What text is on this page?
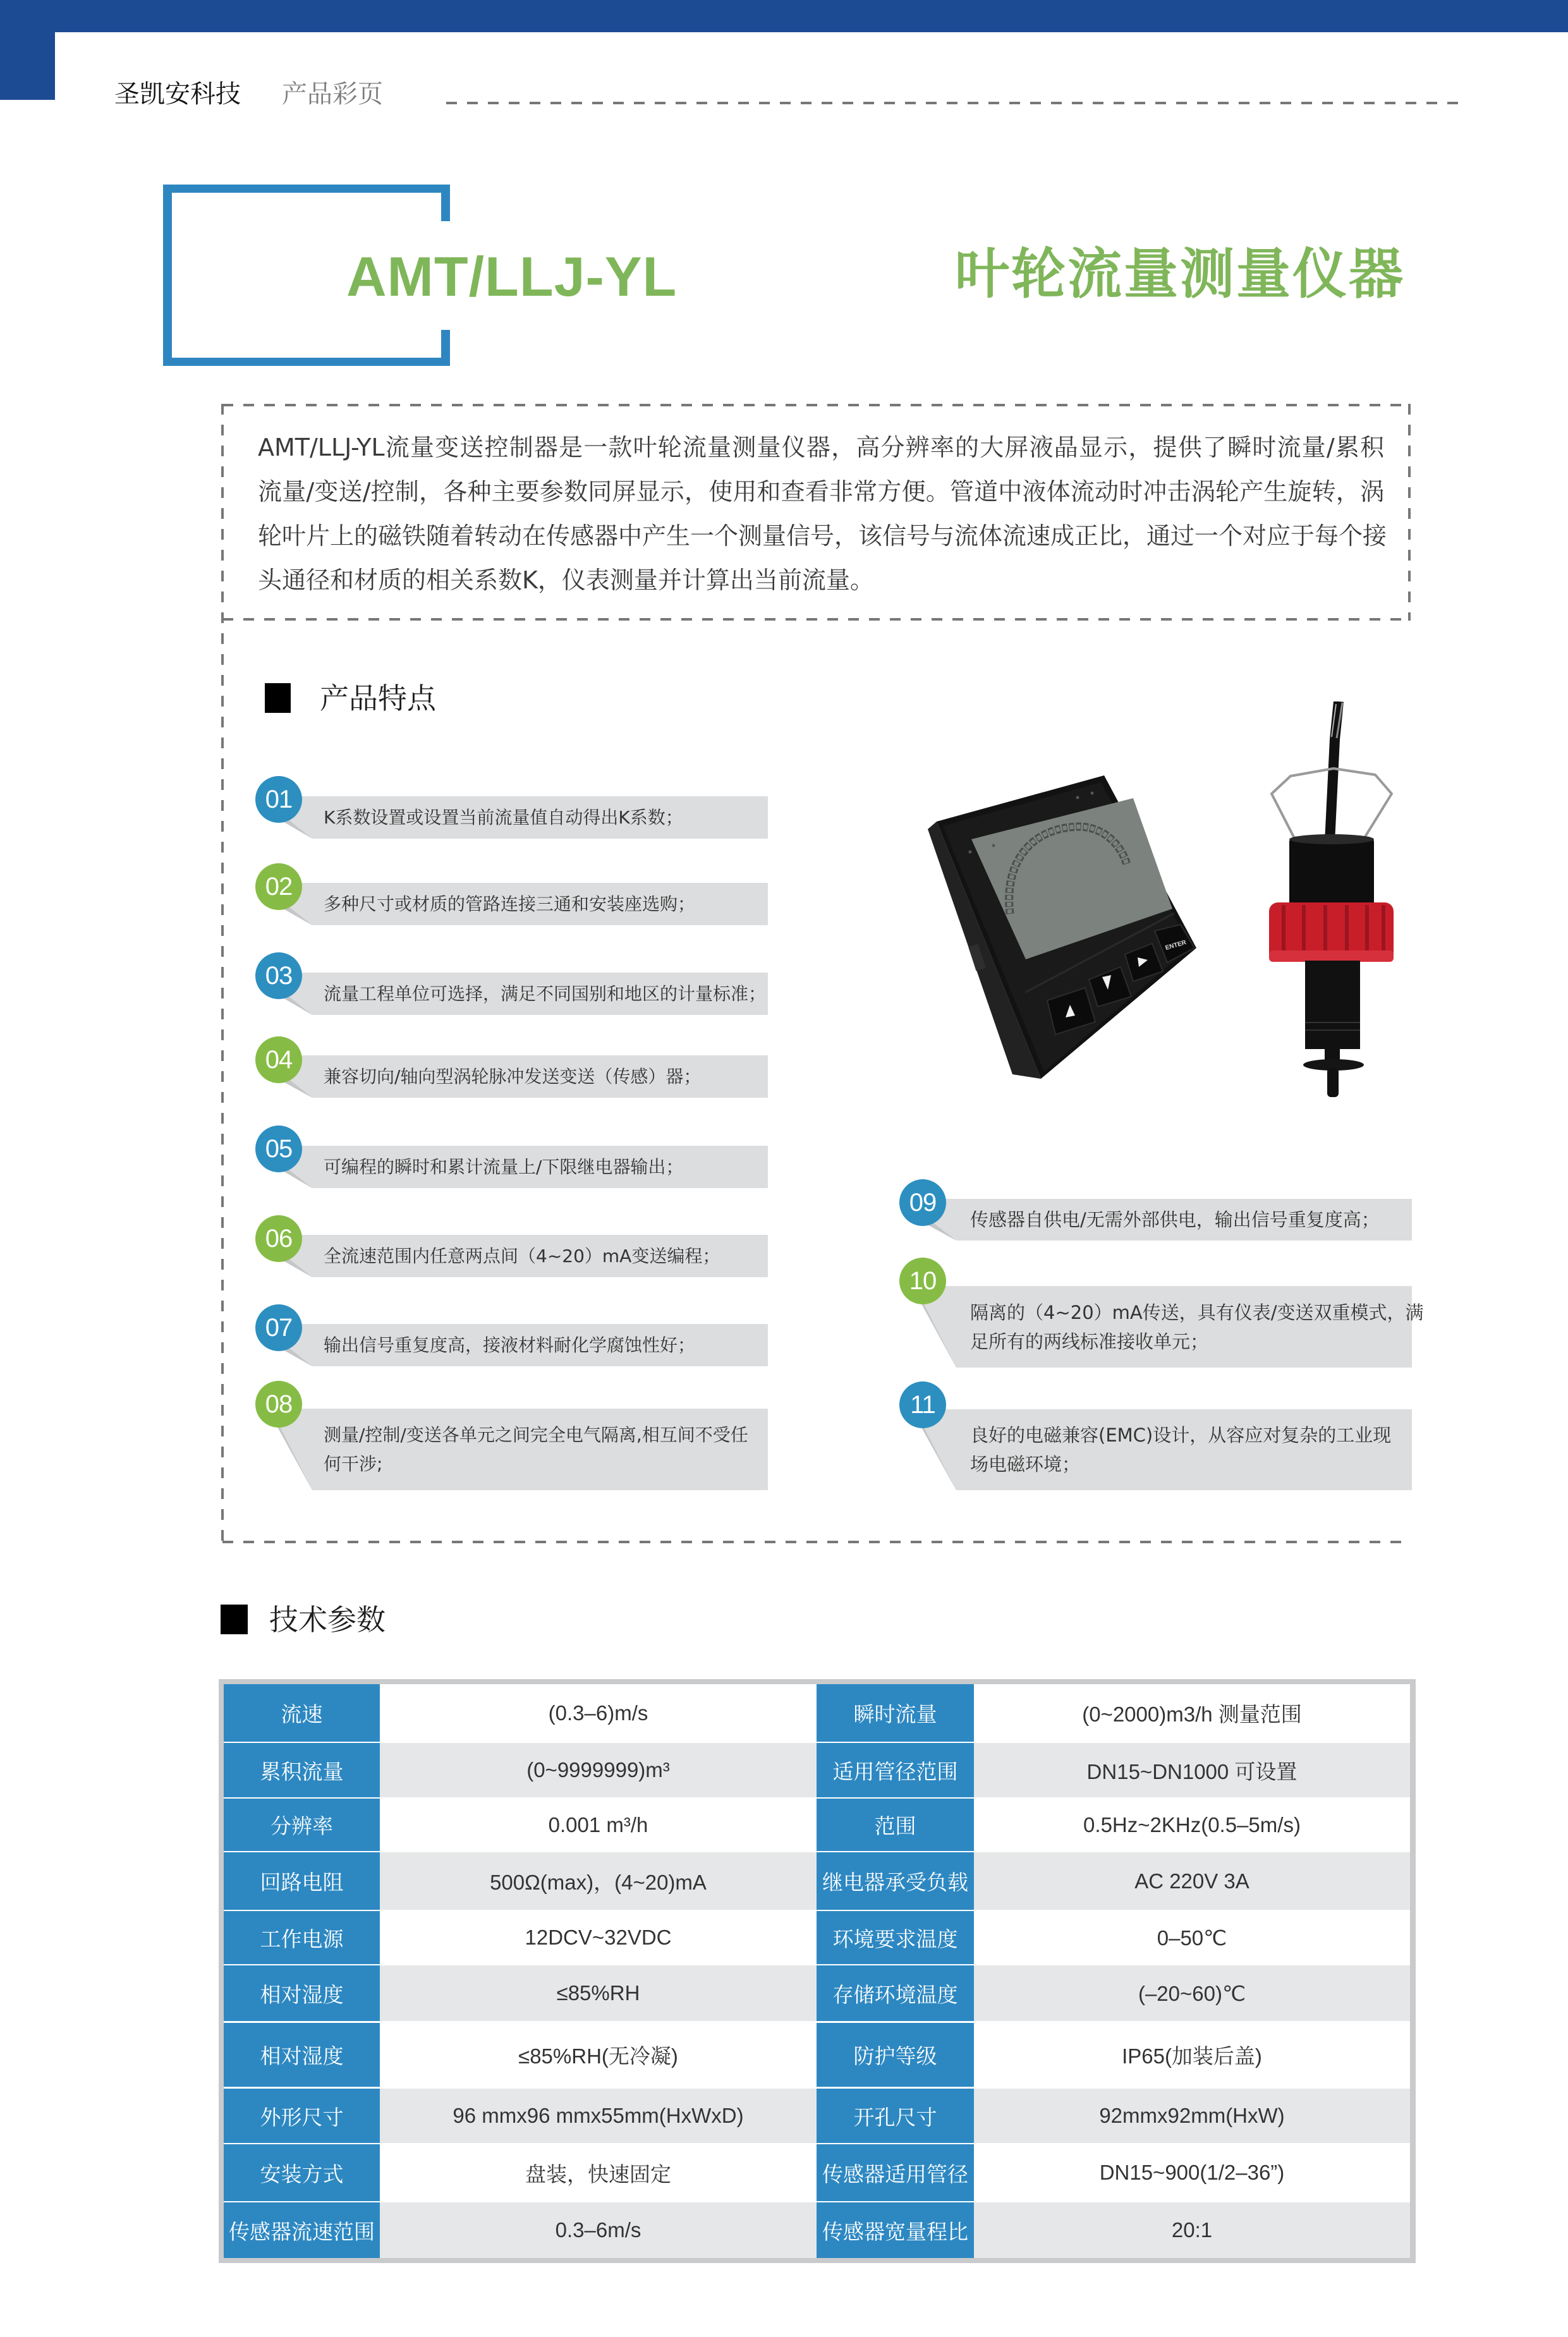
圣凯安科技 产品彩页
AMT/LLJ-YL	叶轮流量测量仪器
AMT/LLJ-YL流量变送控制器是一款叶轮流量测量仪器，高分辨率的大屏液晶显示，提供了瞬时流量/累积
流量/变送/控制，各种主要参数同屏显示，使用和查看非常方便。管道中液体流动时冲击涡轮产生旋转，涡
轮叶片上的磁铁随着转动在传感器中产生一个测量信号，该信号与流体流速成正比，通过一个对应于每个接
头通径和材质的相关系数K，仪表测量并计算出当前流量。
产品特点
01
K系数设置或设置当前流量值自动得出K系数；
02
多种尺寸或材质的管路连接三通和安装座选购；
03
流量工程单位可选择，满足不同国别和地区的计量标准；
04
兼容切向/轴向型涡轮脉冲发送变送（传感）器；
05
可编程的瞬时和累计流量上/下限继电器输出；
06
全流速范围内任意两点间（4~20）mA变送编程；
07
输出信号重复度高，接液材料耐化学腐蚀性好；
08
测量/控制/变送各单元之间完全电气隔离,相互间不受任
何干涉;
ENTER
09
传感器自供电/无需外部供电，输出信号重复度高；
10
隔离的（4~20）mA传送，具有仪表/变送双重模式，满
足所有的两线标准接收单元；
11
良好的电磁兼容(EMC)设计，从容应对复杂的工业现
场电磁环境；
技术参数
流速	(0.3–6)m/s	瞬时流量	(0~2000)m3/h 测量范围
累积流量	(0~9999999)m³	适用管径范围	DN15~DN1000 可设置
分辨率	0.001 m³/h	范围	0.5Hz~2KHz(0.5–5m/s)
回路电阻	500Ω(max)，(4~20)mA	继电器承受负载	AC 220V 3A
工作电源	12DCV~32VDC	环境要求温度	0–50℃
相对湿度	≤85%RH	存储环境温度	(–20~60)℃
相对湿度	≤85%RH(无冷凝)	防护等级	IP65(加装后盖)
外形尺寸	96 mmx96 mmx55mm(HxWxD)	开孔尺寸	92mmx92mm(HxW)
安装方式	盘装，快速固定	传感器适用管径	DN15~900(1/2–36”)
传感器流速范围	0.3–6m/s	传感器宽量程比	20:1
